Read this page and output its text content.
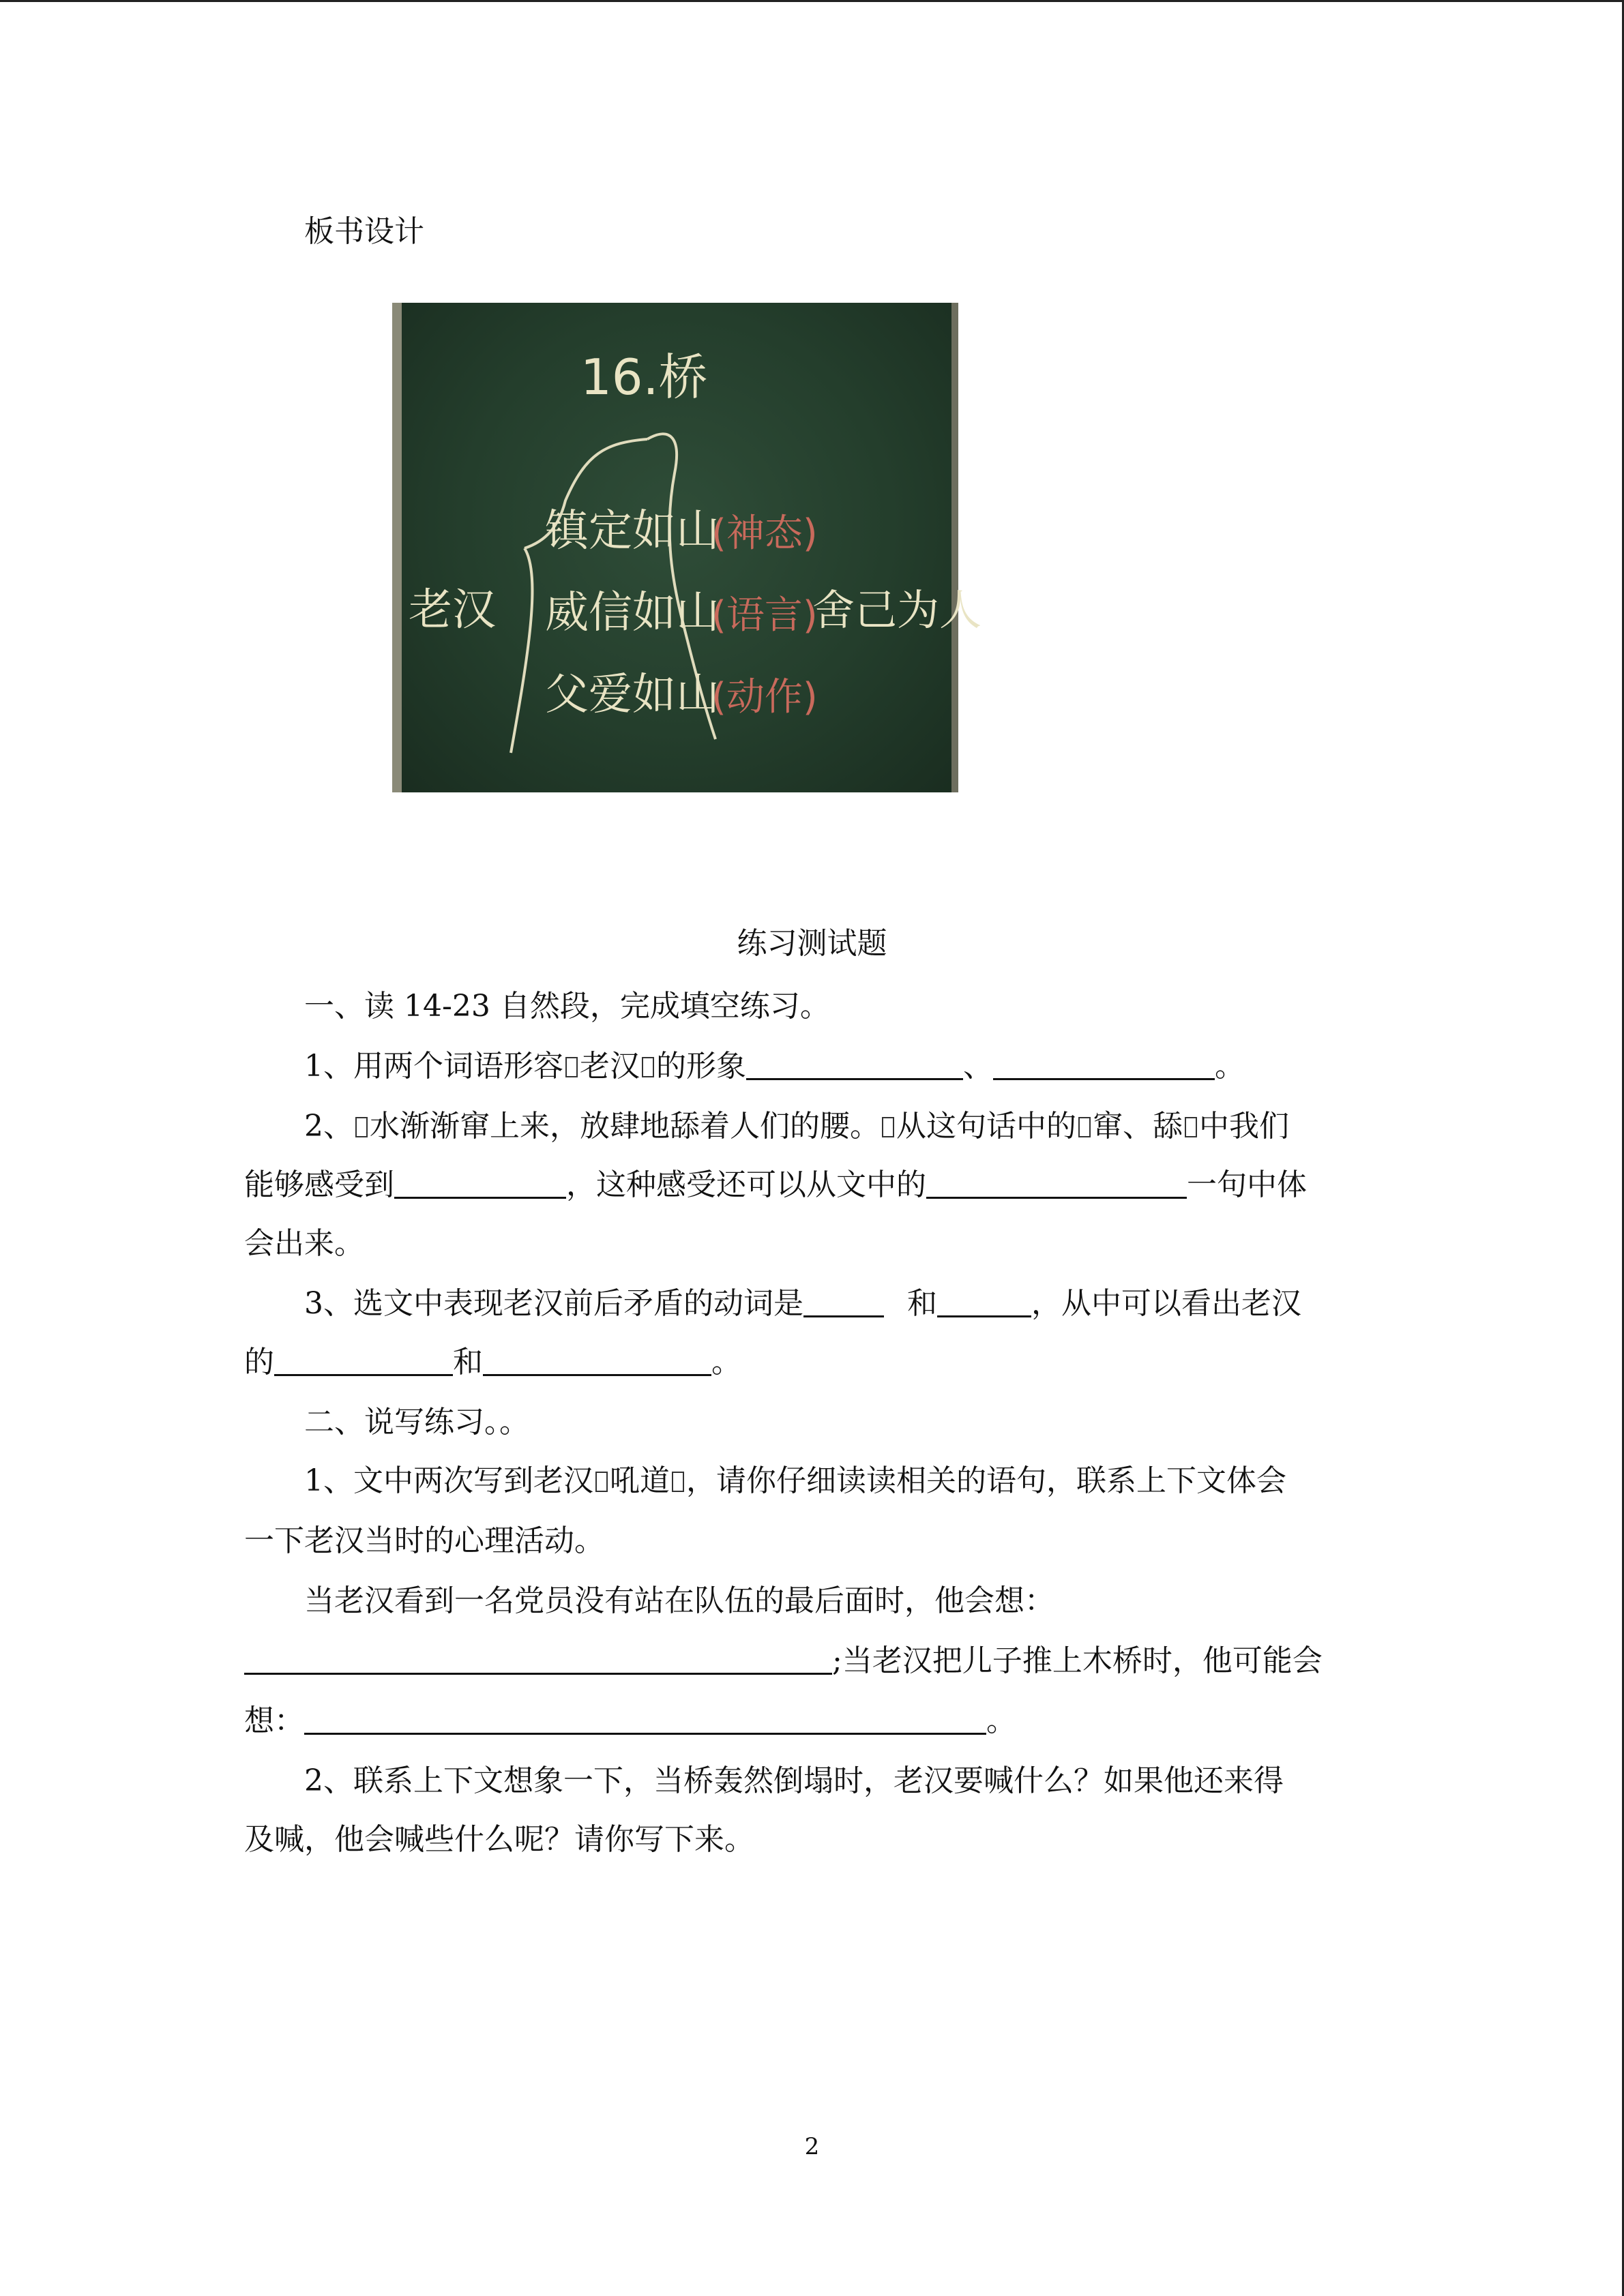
板书设计
16.桥
老汉
镇定如山
威信如山
父爱如山
(神态)
(语言)
(动作)
舍己为人
练习测试题
一、读 14-23 自然段，完成填空练习。
1、用两个词语形容 老汉 的形象	、	。
2、 水渐渐窜上来，放肆地舔着人们的腰。 从这句话中的 窜、舔 中我们
能够感受到	，这种感受还可以从文中的	一句中体
会出来。
3、选文中表现老汉前后矛盾的动词是	和	，从中可以看出老汉
的	和	。
二、说写练习。。
1、文中两次写到老汉 吼道 ，请你仔细读读相关的语句，联系上下文体会
一下老汉当时的心理活动。
当老汉看到一名党员没有站在队伍的最后面时，他会想：
;当老汉把儿子推上木桥时，他可能会
想：	。
2、联系上下文想象一下，当桥轰然倒塌时，老汉要喊什么？如果他还来得
及喊，他会喊些什么呢？请你写下来。
2
